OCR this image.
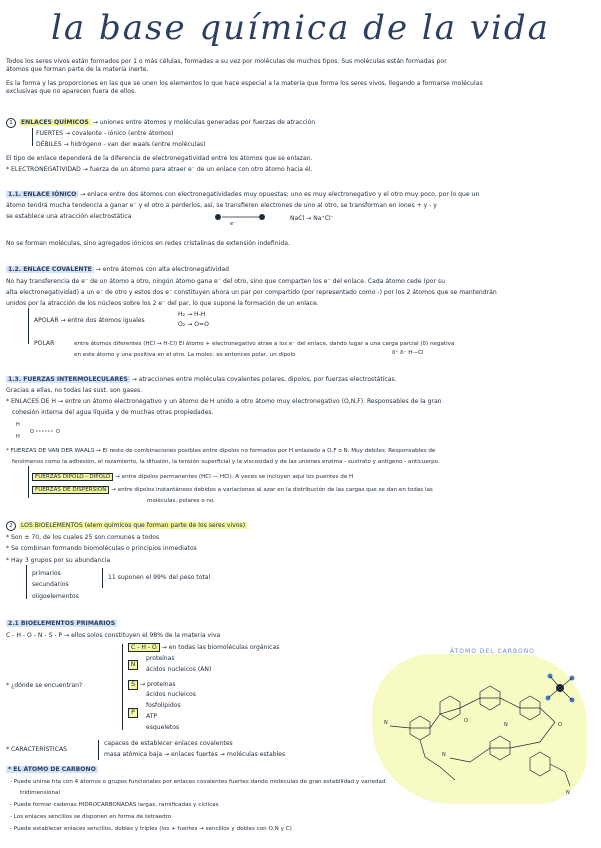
la base química de la vida
Todos los seres vivos están formados por 1 o más células, formadas a su vez por moléculas de muchos tipos. Sus moléculas están formadas por
átomos que forman parte de la materia inerte.
Es la forma y las proporciones en las que se unen los elementos lo que hace especial a la materia que forma los seres vivos, llegando a formarse moléculas
exclusivas que no aparecen fuera de ellos.
1 ENLACES QUÍMICOS → uniones entre átomos y moléculas generadas por fuerzas de atracción
FUERTES → covalente - iónico (entre átomos)
DÉBILES → hidrógeno - van der waals (entre moléculas)
El tipo de enlace dependerá de la diferencia de electronegatividad entre los átomos que se enlazan.
* ELECTRONEGATIVIDAD → fuerza de un átomo para atraer e⁻ de un enlace con otro átomo hacia él.
1.1. ENLACE IÓNICO → enlace entre dos átomos con electronegatividades muy opuestas: uno es muy electronegativo y el otro muy poco, por lo que un
átomo tendrá mucha tendencia a ganar e⁻ y el otro a perderlos, así, se transfieren electrones de uno al otro, se transforman en iones + y - y
se establece una atracción electrostática
e⁻
NaCl → Na⁺Cl⁻
No se forman moléculas, sino agregados iónicos en redes cristalinas de extensión indefinida.
1.2. ENLACE COVALENTE → entre átomos con alta electronegatividad
No hay transferencia de e⁻ de un átomo a otro, ningún átomo gana e⁻ del otro, sino que comparten los e⁻ del enlace. Cada átomo cede (por su
alta electronegatividad) a un e⁻ de otro y estos dos e⁻ constituyen ahora un par por compartido (por representado como -) por los 2 átomos que se mantendrán
unidos por la atracción de los núcleos sobre los 2 e⁻ del par, lo que supone la formación de un enlace.
APOLAR → entre dos átomos iguales
H₂ → H-H
O₂ → O=O
POLAR	entre átomos diferentes (HCl → H-Cl) El átomo + electronegativo atrae a los e⁻ del enlace, dando lugar a una carga parcial (δ) negativa
en este átomo y una positiva en el otro. La molec. es entonces polar, un dipolo	δ⁺ δ⁻ H—Cl
1.3. FUERZAS INTERMOLECULARES → atracciones entre moléculas covalentes polares, dipolos, por fuerzas electrostáticas.
Gracias a ellas, no todas las sust. son gases.
* ENLACES DE H → entre un átomo electronegativo y un átomo de H unido a otro átomo muy electronegativo (O,N,F). Responsables de la gran
cohesión interna del agua líquida y de muchas otras propiedades.
H
H
O	O
* FUERZAS DE VAN DER WAALS → El resto de combinaciones posibles entre dipolos no formados por H enlazado a O,F o N. Muy débiles. Responsables de
fenómenos como la adhesión, el rozamiento, la difusión, la tensión superficial y la viscosidad y de las uniones enzima - sustrato y antígeno - anticuerpo.
FUERZAS DIPOLO - DIPOLO → entre dipolos permanentes (HCl — HCl). A veces se incluyen aquí los puentes de H
FUERZAS DE DISPERSIÓN → entre dipolos instantáneos debidos a variaciones al azar en la distribución de las cargas que se dan en todas las
moléculas, polares o no.
2 LOS BIOELEMENTOS (elem químicos que forman parte de los seres vivos)
* Son ± 70, de los cuales 25 son comunes a todos
* Se combinan formando biomoléculas o principios inmediatos
* Hay 3 grupos por su abundancia
primarios
secundarios
oligoelementos
11 suponen el 99% del peso total
2.1 BIOELEMENTOS PRIMARIOS
C - H - O - N - S - P → ellos solos constituyen el 98% de la materia viva
* ¿dónde se encuentran?
C - H - O → en todas las biomoléculas orgánicas
N
proteínas
ácidos nucleicos (AN)
S → proteínas
P
ácidos nucleicos
fosfolípidos
ATP
esqueletos
* CARACTERÍSTICAS
capaces de establecer enlaces covalentes
masa atómica baja → enlaces fuertes → moléculas estables
* EL ÁTOMO DE CARBONO
- Puede unirse hta con 4 átomos o grupos funcionales por enlaces covalentes fuertes dando moléculas de gran estabilidad y variedad
tridimensional
- Puede formar cadenas HIDROCARBONADAS largas, ramificadas y cíclicas
- Los enlaces sencillos se disponen en forma de tetraedro
- Puede establecer enlaces sencillos, dobles y triples (los + fuertes → sencillos y dobles con O,N y C)
ÁTOMO DEL CARBONO
N	O
N	O
N
N
